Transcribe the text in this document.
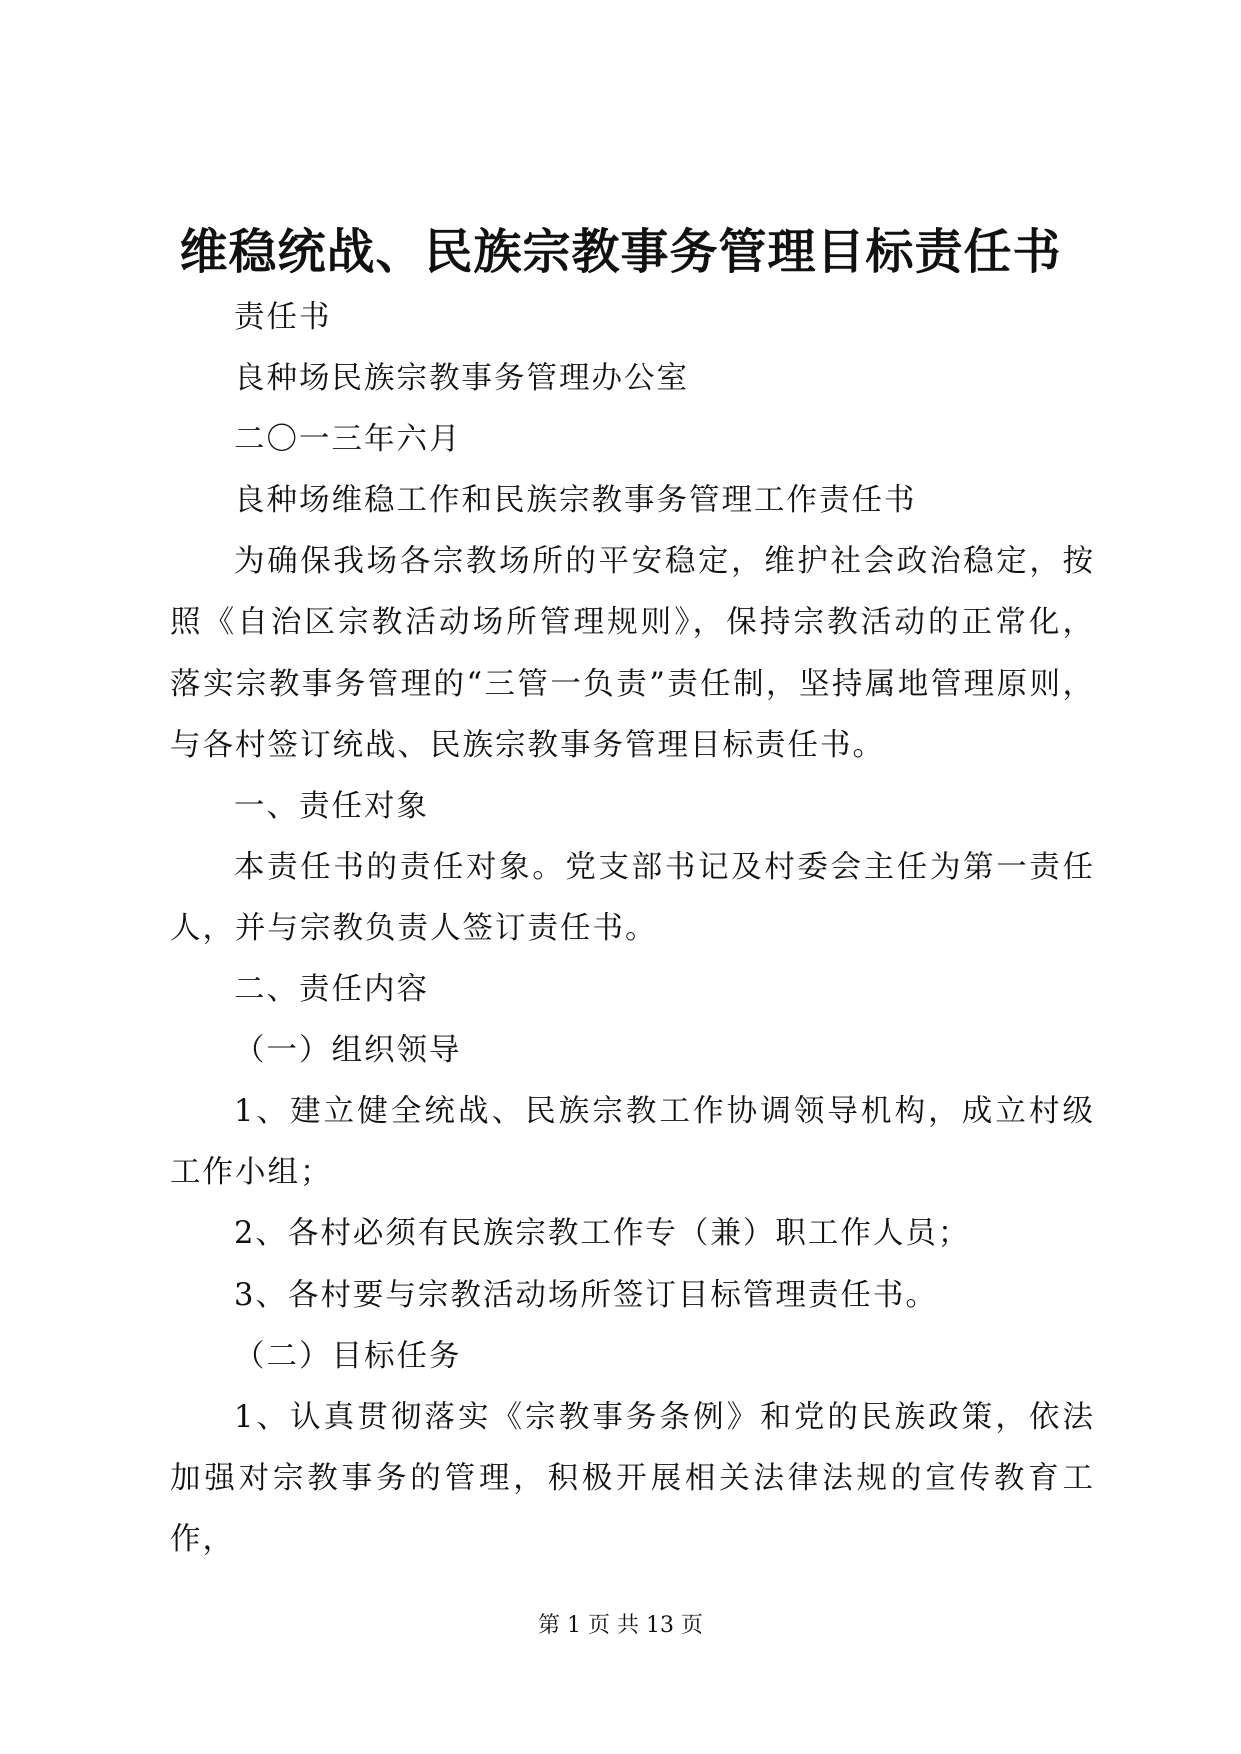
维稳统战、民族宗教事务管理目标责任书

责任书

良种场民族宗教事务管理办公室

二〇一三年六月

良种场维稳工作和民族宗教事务管理工作责任书

为确保我场各宗教场所的平安稳定，维护社会政治稳定，按照《自治区宗教活动场所管理规则》，保持宗教活动的正常化，落实宗教事务管理的“三管一负责”责任制，坚持属地管理原则，与各村签订统战、民族宗教事务管理目标责任书。

一、责任对象

本责任书的责任对象。党支部书记及村委会主任为第一责任人，并与宗教负责人签订责任书。

二、责任内容

（一）组织领导

1、建立健全统战、民族宗教工作协调领导机构，成立村级工作小组；

2、各村必须有民族宗教工作专（兼）职工作人员；

3、各村要与宗教活动场所签订目标管理责任书。

（二）目标任务

1、认真贯彻落实《宗教事务条例》和党的民族政策，依法加强对宗教事务的管理，积极开展相关法律法规的宣传教育工作，

第 1 页 共 13 页
